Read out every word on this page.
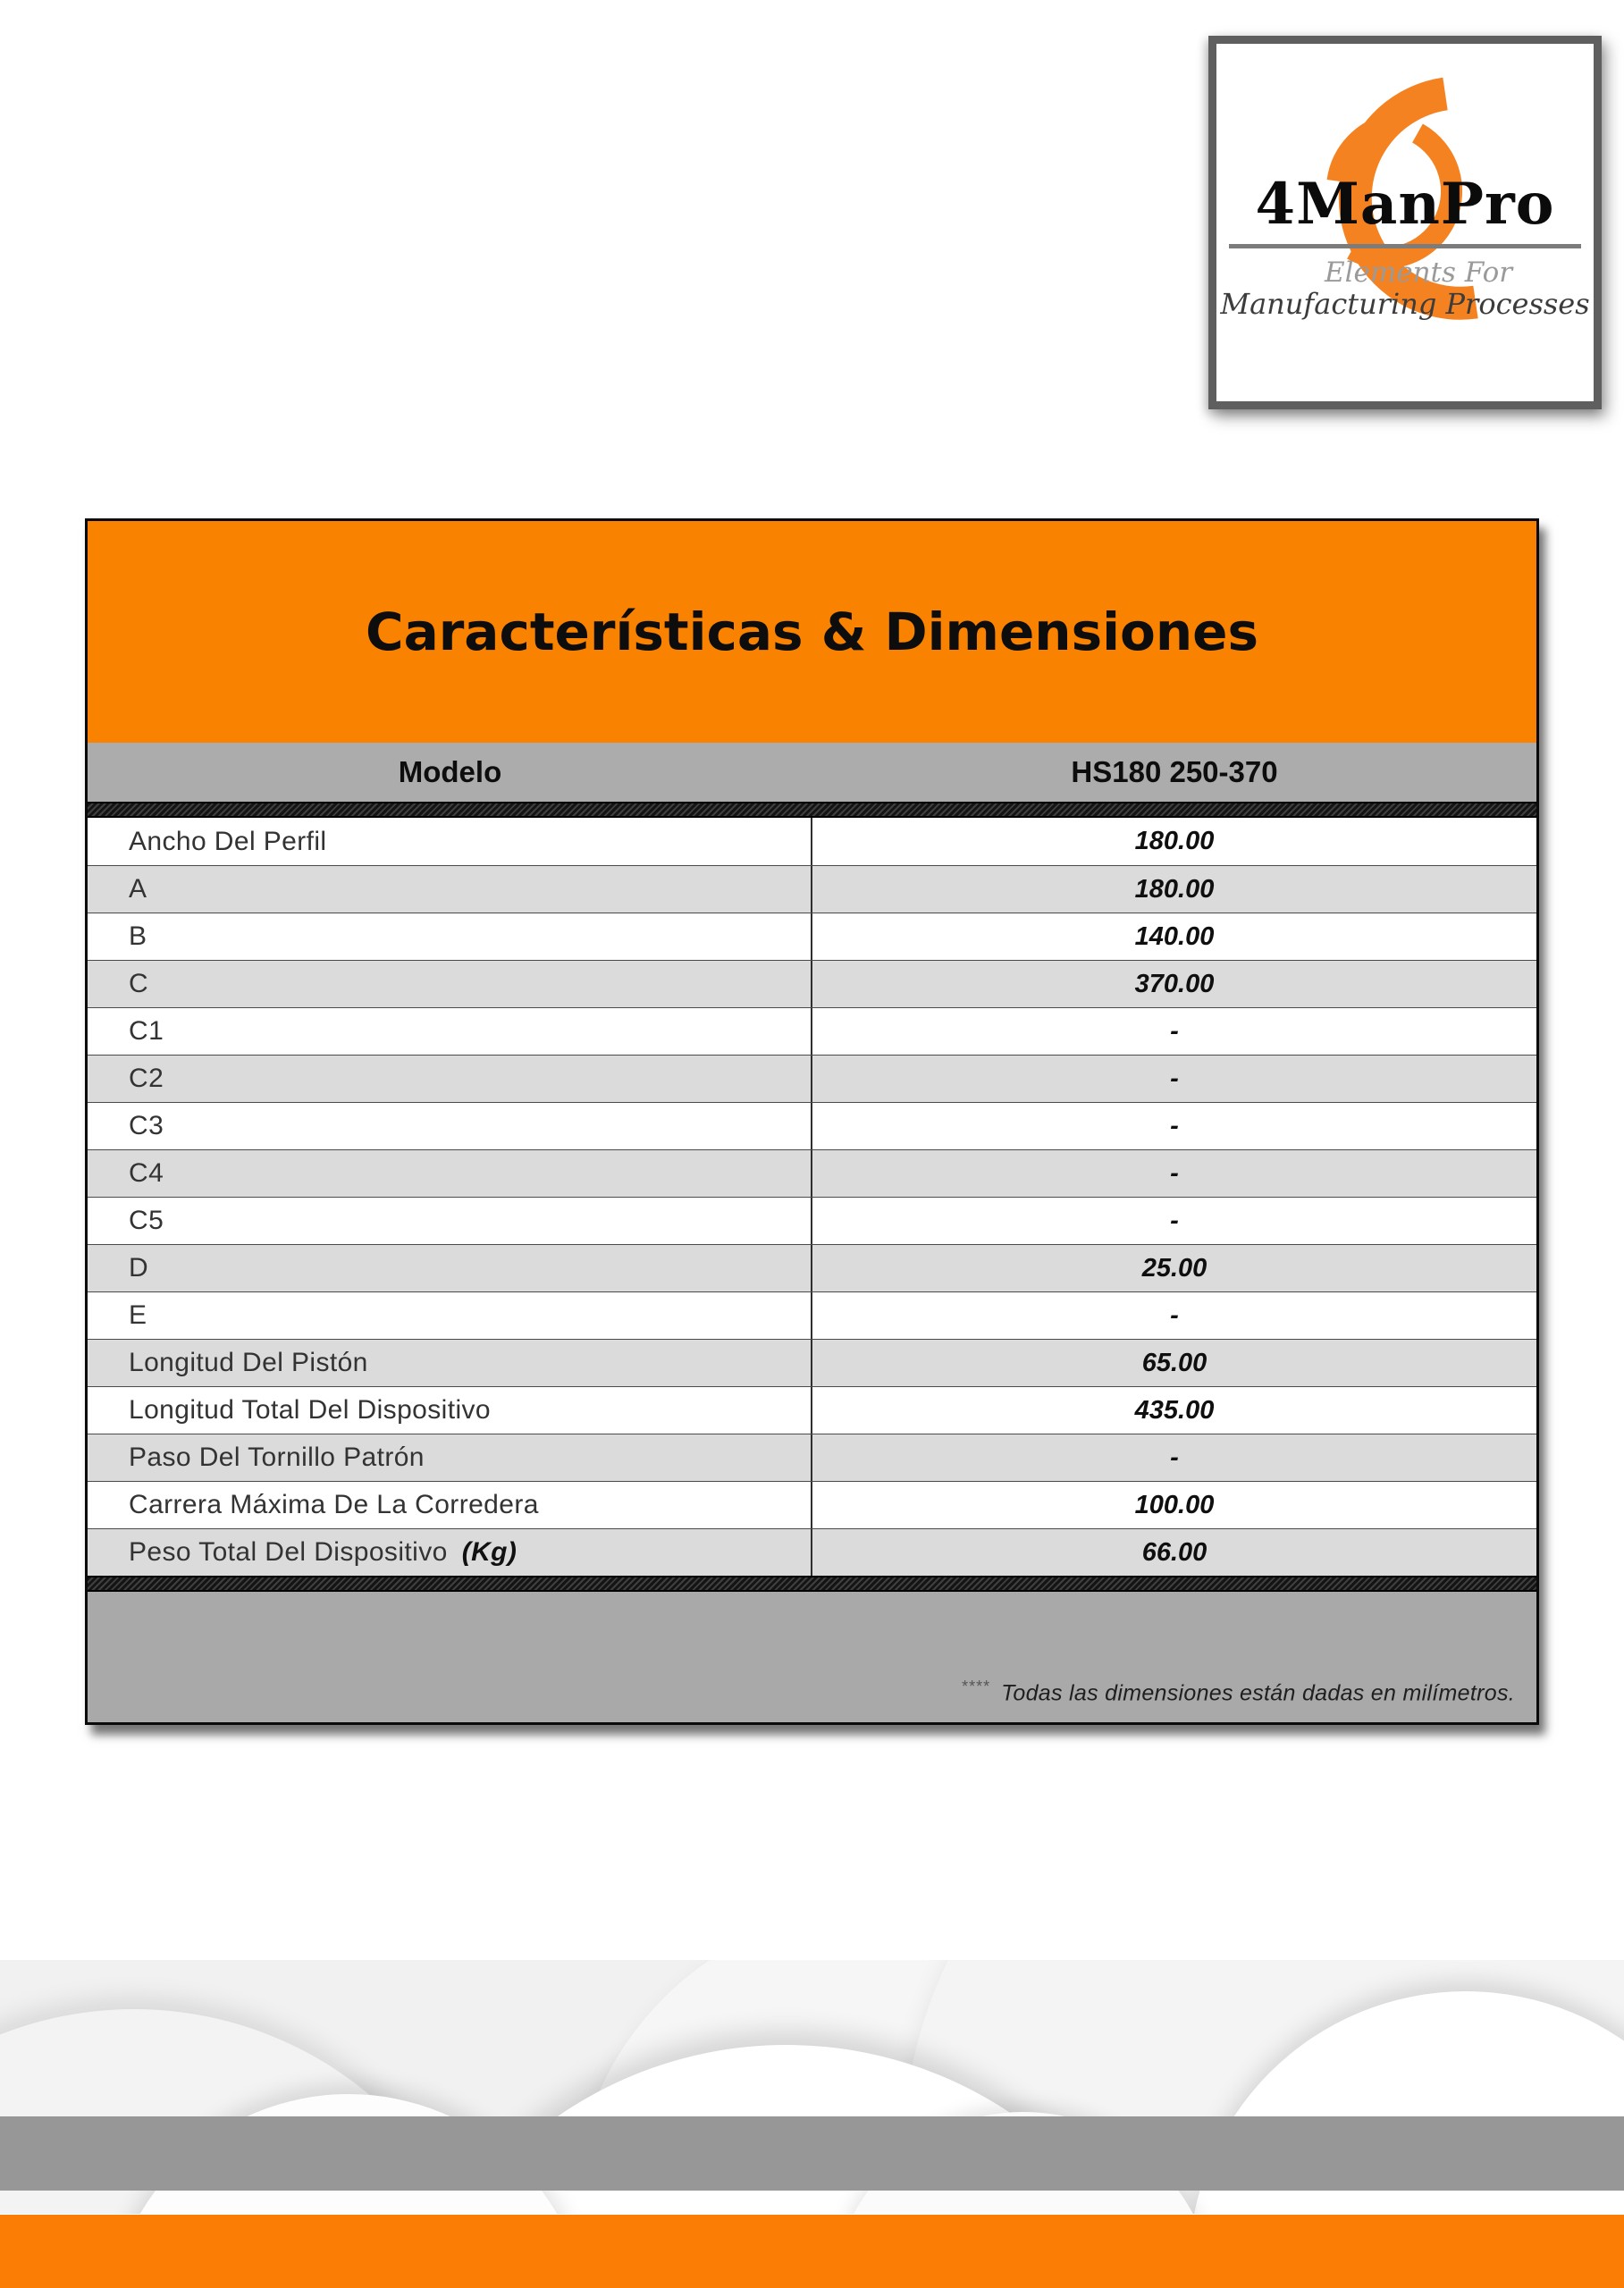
4ManPro
Elements For
Manufacturing Processes
Características & Dimensiones
Modelo	HS180 250-370
Ancho Del Perfil	180.00
A	180.00
B	140.00
C	370.00
C1	-
C2	-
C3	-
C4	-
C5	-
D	25.00
E	-
Longitud Del Pistón	65.00
Longitud Total Del Dispositivo	435.00
Paso Del Tornillo Patrón	-
Carrera Máxima De La Corredera	100.00
Peso Total Del Dispositivo (Kg)	66.00
**** Todas las dimensiones están dadas en milímetros.
